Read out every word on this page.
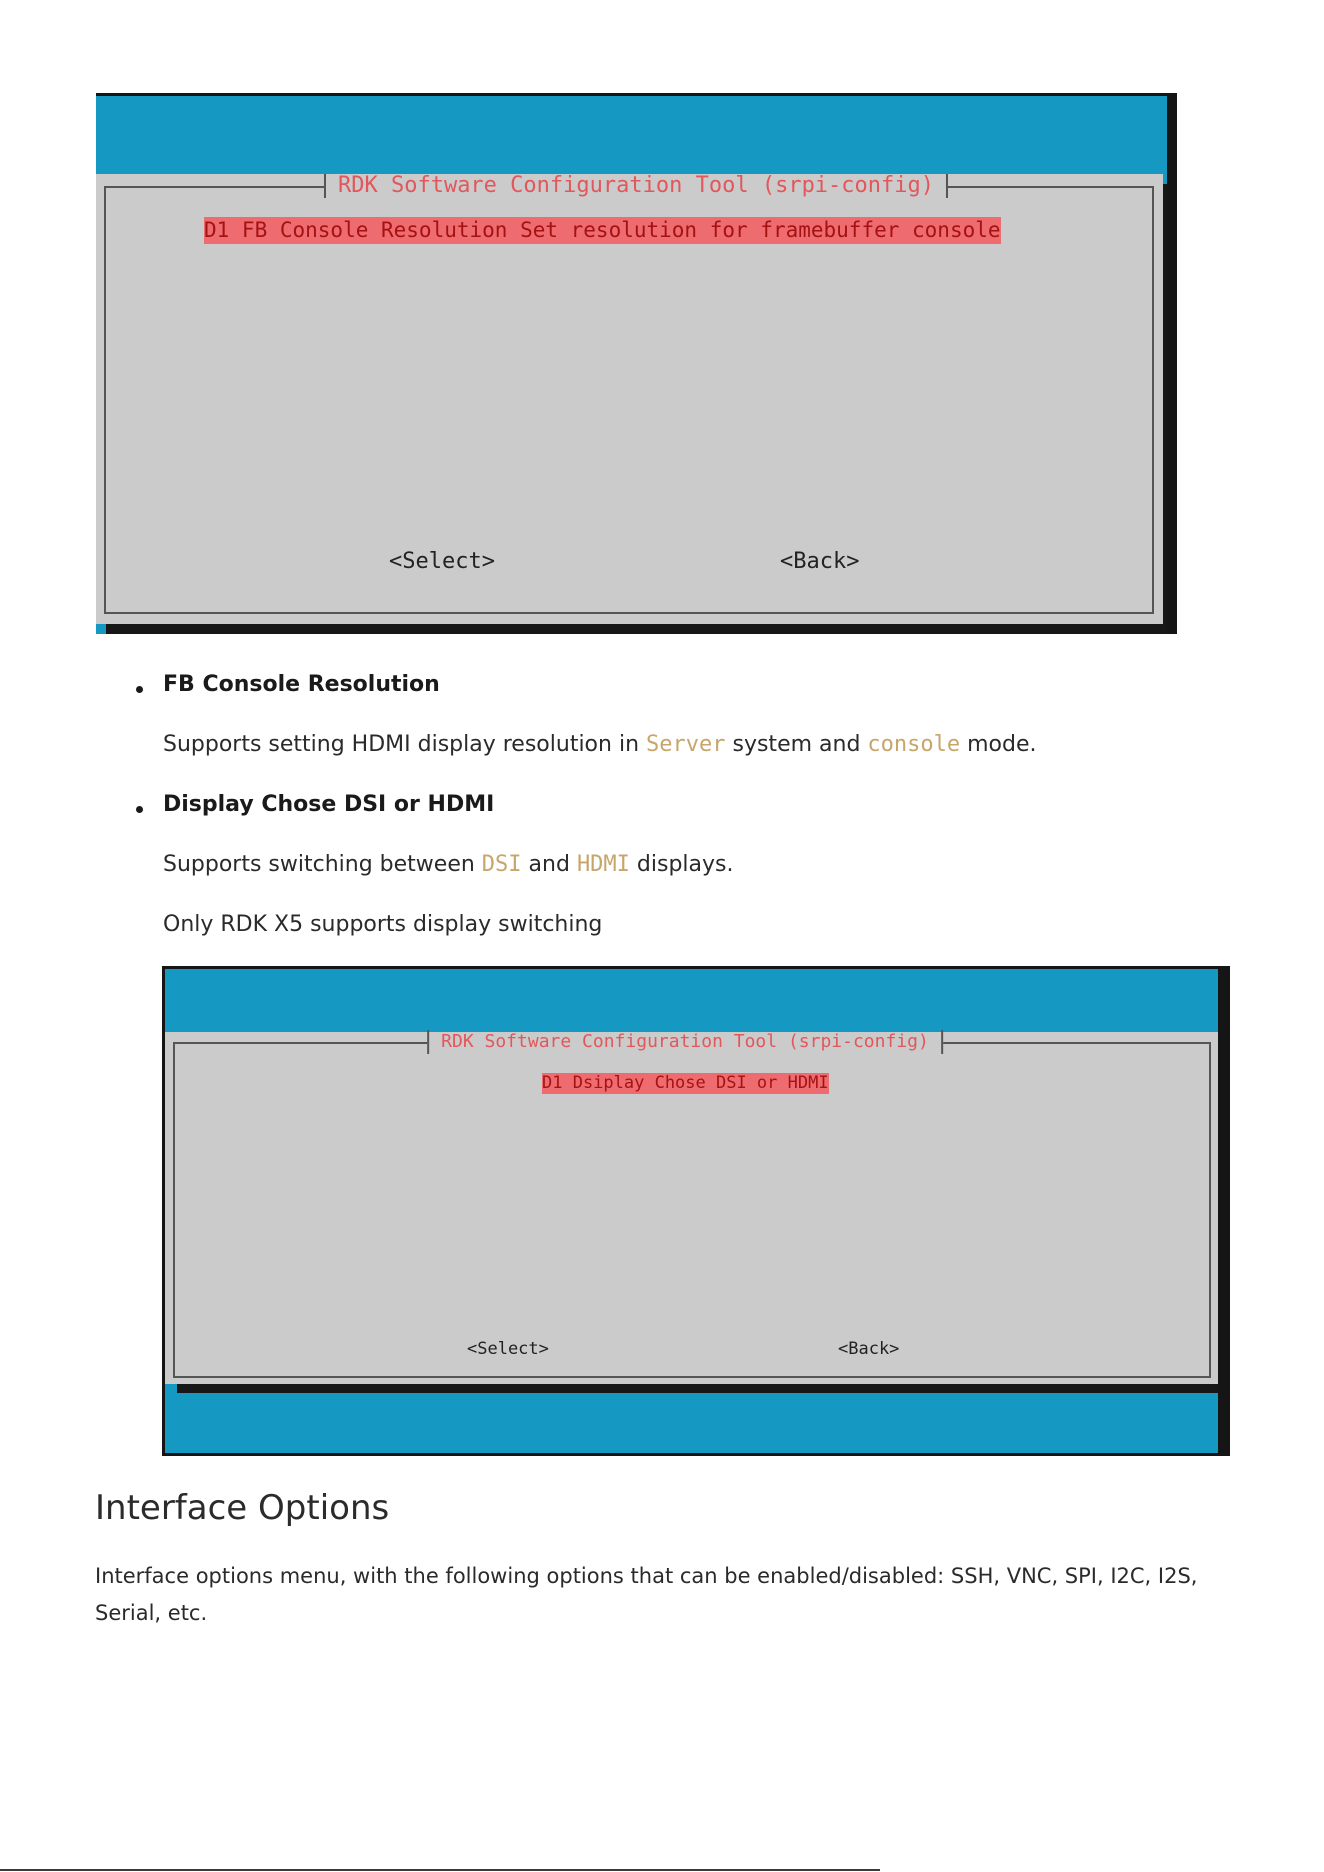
RDK Software Configuration Tool (srpi-config)
D1 FB Console Resolution Set resolution for framebuffer console
<Select>	<Back>
FB Console Resolution
Supports setting HDMI display resolution in Server system and console mode.
Display Chose DSI or HDMI
Supports switching between DSI and HDMI displays.
Only RDK X5 supports display switching
RDK Software Configuration Tool (srpi-config)
D1 Dsiplay Chose DSI or HDMI
<Select>	<Back>
Interface Options
Interface options menu, with the following options that can be enabled/disabled: SSH, VNC, SPI, I2C, I2S,
Serial, etc.
